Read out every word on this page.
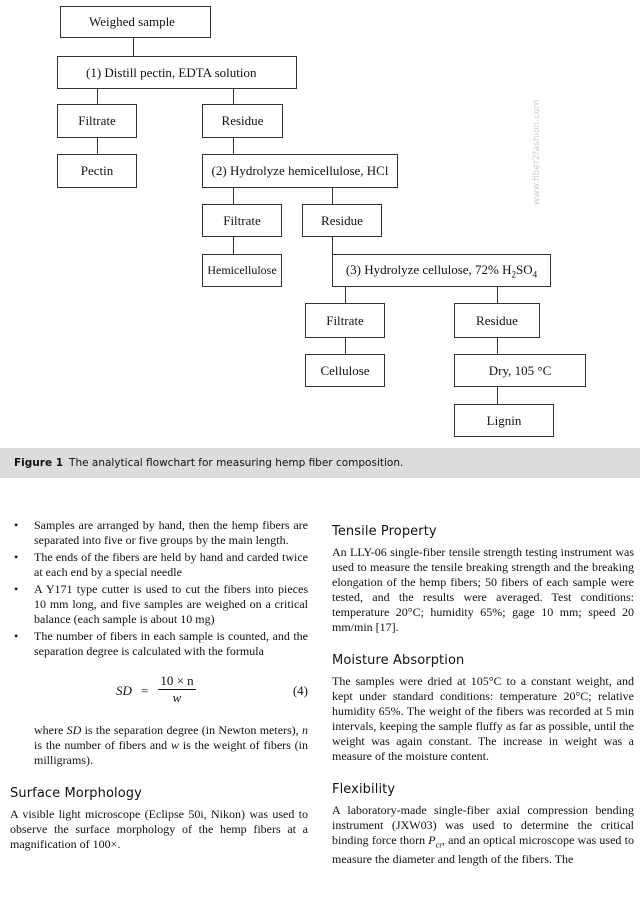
Weighed sample
(1) Distill pectin, EDTA solution
Filtrate	Residue
Pectin	(2) Hydrolyze hemicellulose, HCl
Filtrate	Residue
Hemicellulose	(3) Hydrolyze cellulose, 72% $H_2SO_4$
Filtrate	Residue
Cellulose	Dry, 105 °C
Lignin
www.fiber2fashion.com
Figure 1 The analytical flowchart for measuring hemp fiber composition.
• Samples are arranged by hand, then the hemp fibers are separated into five or five groups by the main length.
• The ends of the fibers are held by hand and carded twice at each end by a special needle
• A Y171 type cutter is used to cut the fibers into pieces 10 mm long, and five samples are weighed on a critical balance (each sample is about 10 mg)
• The number of fibers in each sample is counted, and the separation degree is calculated with the formula
SD = $\frac{10 \times n}{w}$	(4)

where SD is the separation degree (in Newton meters), n is the number of fibers and w is the weight of fibers (in milligrams).

Surface Morphology

A visible light microscope (Eclipse 50i, Nikon) was used to observe the surface morphology of the hemp fibers at a magnification of 100×.

Tensile Property

An LLY-06 single-fiber tensile strength testing instrument was used to measure the tensile breaking strength and the breaking elongation of the hemp fibers; 50 fibers of each sample were tested, and the results were averaged. Test conditions: temperature 20°C; humidity 65%; gage 10 mm; speed 20 mm/min [17].

Moisture Absorption

The samples were dried at 105°C to a constant weight, and kept under standard conditions: temperature 20°C; relative humidity 65%. The weight of the fibers was recorded at 5 min intervals, keeping the sample fluffy as far as possible, until the weight was again constant. The increase in weight was a measure of the moisture content.

Flexibility

A laboratory-made single-fiber axial compression bending instrument (JXW03) was used to determine the critical binding force thorn $P_{cr}$, and an optical microscope was used to measure the diameter and length of the fibers. The
